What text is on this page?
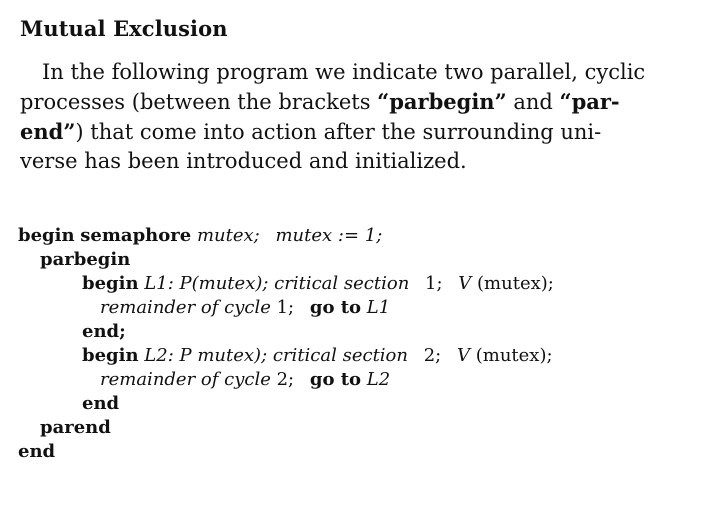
Mutual Exclusion
In the following program we indicate two parallel, cyclic
processes (between the brackets “parbegin” and “par-
end”) that come into action after the surrounding uni-
verse has been introduced and initialized.
begin semaphore mutex; mutex := 1;
parbegin
begin L1: P(mutex); critical section 1; V (mutex);
remainder of cycle 1; go to L1
end;
begin L2: P mutex); critical section 2; V (mutex);
remainder of cycle 2; go to L2
end
parend
end
